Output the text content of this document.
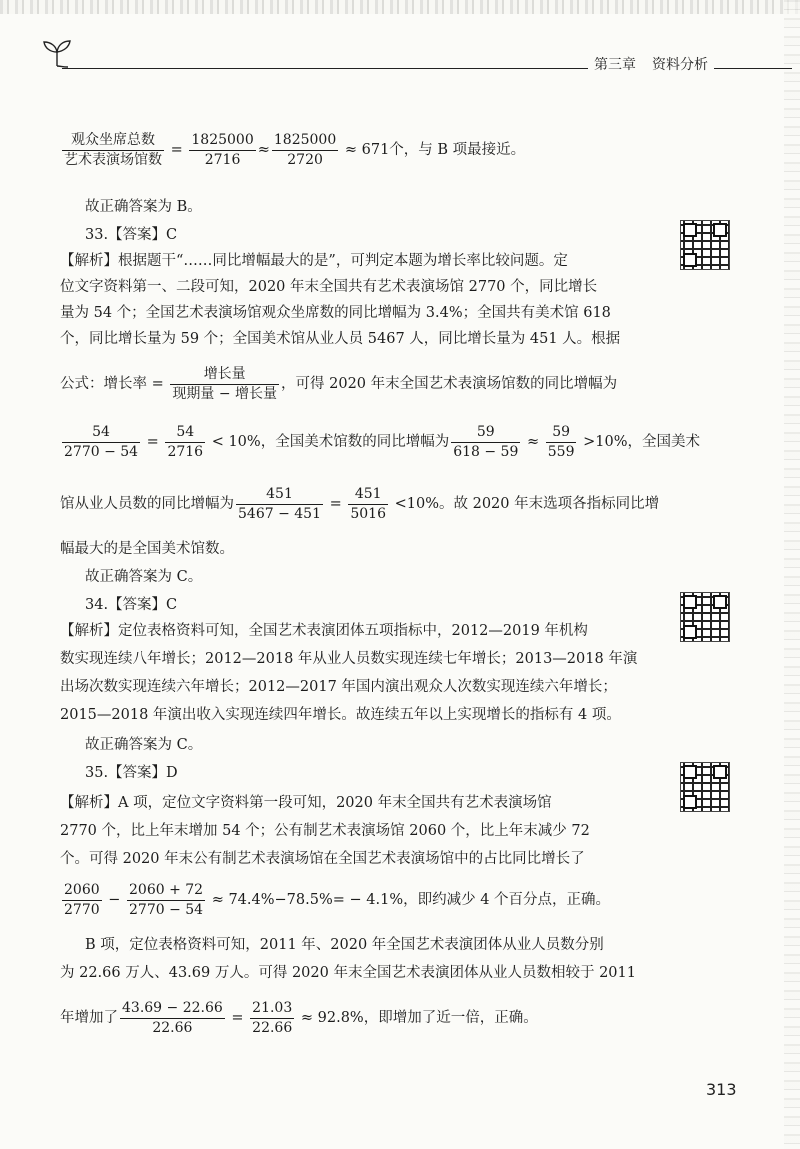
第三章 资料分析
$\frac{\text{观众坐席总数}}{\text{艺术表演场馆数}} = \frac{1825000}{2716} \approx \frac{1825000}{2720} \approx 671$个，与 B 项最接近。
故正确答案为 B。
33.【答案】C
【解析】根据题干“……同比增幅最大的是”，可判定本题为增长率比较问题。定
位文字资料第一、二段可知，2020 年末全国共有艺术表演场馆 2770 个，同比增长
量为 54 个；全国艺术表演场馆观众坐席数的同比增幅为 3.4%；全国共有美术馆 618
个，同比增长量为 59 个；全国美术馆从业人员 5467 人，同比增长量为 451 人。根据
公式：增长率 = $\frac{\text{增长量}}{\text{现期量 − 增长量}}$ ，可得 2020 年末全国艺术表演场馆数的同比增幅为
$\frac{54}{2770 - 54} = \frac{54}{2716} < 10\%$，全国美术馆数的同比增幅为 $\frac{59}{618 - 59} \approx \frac{59}{559} >10\%$，全国美术
馆从业人员数的同比增幅为 $\frac{451}{5467 - 451} = \frac{451}{5016} <10\%$。故 2020 年末选项各指标同比增
幅最大的是全国美术馆数。
故正确答案为 C。
34.【答案】C
【解析】定位表格资料可知，全国艺术表演团体五项指标中，2012—2019 年机构
数实现连续八年增长；2012—2018 年从业人员数实现连续七年增长；2013—2018 年演
出场次数实现连续六年增长；2012—2017 年国内演出观众人次数实现连续六年增长；
2015—2018 年演出收入实现连续四年增长。故连续五年以上实现增长的指标有 4 项。
故正确答案为 C。
35.【答案】D
【解析】A 项，定位文字资料第一段可知，2020 年末全国共有艺术表演场馆
2770 个，比上年末增加 54 个；公有制艺术表演场馆 2060 个，比上年末减少 72
个。可得 2020 年末公有制艺术表演场馆在全国艺术表演场馆中的占比同比增长了
$\frac{2060}{2770} - \frac{2060 + 72}{2770 - 54} \approx 74.4\%-78.5\%= - 4.1\%$，即约减少 4 个百分点，正确。
B 项，定位表格资料可知，2011 年、2020 年全国艺术表演团体从业人员数分别
为 22.66 万人、43.69 万人。可得 2020 年末全国艺术表演团体从业人员数相较于 2011
年增加了 $\frac{43.69 - 22.66}{22.66} = \frac{21.03}{22.66} \approx 92.8\%$，即增加了近一倍，正确。
313
